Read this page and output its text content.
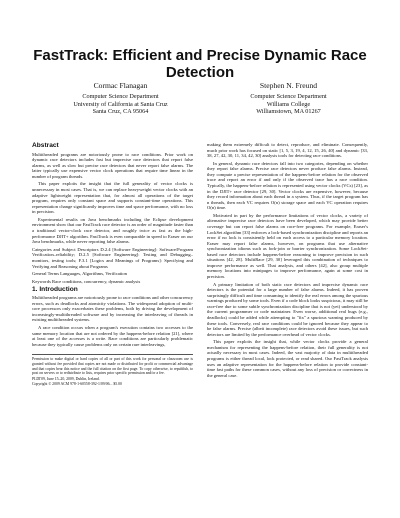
FastTrack: Efficient and Precise Dynamic Race Detection
Cormac Flanagan
Computer Science Department
University of California at Santa Cruz
Santa Cruz, CA 95064
Stephen N. Freund
Computer Science Department
Williams College
Williamstown, MA 01267
Abstract

Multithreaded programs are notoriously prone to race conditions. Prior work on dynamic race detectors includes fast but imprecise race detectors that report false alarms, as well as slow but precise race detectors that never report false alarms. The latter typically use expensive vector clock operations that require time linear in the number of program threads.

This paper exploits the insight that the full generality of vector clocks is unnecessary in most cases. That is, we can replace heavyweight vector clocks with an adaptive lightweight representation that, for almost all operations of the target program, requires only constant space and supports constant-time operations. This representation change significantly improves time and space performance, with no loss in precision.

Experimental results on Java benchmarks including the Eclipse development environment show that our FastTrack race detector is an order of magnitude faster than a traditional vector-clock race detector, and roughly twice as fast as the high-performance DJIT+ algorithm. FastTrack is even comparable in speed to Eraser on our Java benchmarks, while never reporting false alarms.

Categories and Subject Descriptors D.2.4 [Software Engineering]: Software/Program Verification–reliability; D.2.5 [Software Engineering]: Testing and Debugging–monitors, testing tools; F.3.1 [Logics and Meanings of Programs]: Specifying and Verifying and Reasoning about Programs

General Terms Languages, Algorithms, Verification

Keywords Race conditions, concurrency, dynamic analysis

1. Introduction

Multithreaded programs are notoriously prone to race conditions and other concurrency errors, such as deadlocks and atomicity violations. The widespread adoption of multi-core processors only exacerbates these problems, both by driving the development of increasingly-multithreaded software and by increasing the interleaving of threads in existing multithreaded systems.

A race condition occurs when a program's execution contains two accesses to the same memory location that are not ordered by the happens-before relation [21], where at least one of the accesses is a write. Race conditions are particularly problematic because they typically cause problems only on certain rare interleavings,

Permission to make digital or hard copies of all or part of this work for personal or classroom use is granted without fee provided that copies are not made or distributed for profit or commercial advantage and that copies bear this notice and the full citation on the first page. To copy otherwise, to republish, to post on servers or to redistribute to lists, requires prior specific permission and/or a fee.

PLDI'09, June 15–20, 2009, Dublin, Ireland.

Copyright © 2009 ACM 978-1-60558-392-1/09/06... $5.00

making them extremely difficult to detect, reproduce, and eliminate. Consequently, much prior work has focused on static [1, 5, 3, 19, 4, 12, 15, 26, 40] and dynamic [33, 38, 27, 42, 30, 11, 34, 42, 30] analysis tools for detecting race conditions.

In general, dynamic race detectors fall into two categories, depending on whether they report false alarms. Precise race detectors never produce false alarms. Instead, they compute a precise representation of the happens-before relation for the observed trace and report an error if and only if the observed trace has a race condition. Typically, the happens-before relation is represented using vector clocks (VCs) [23], as in the DJIT+ race detector [29, 30]. Vector clocks are expensive, however, because they record information about each thread in a system. Thus, if the target program has n threads, then each VC requires O(n) storage space and each VC operation requires O(n) time.

Motivated in part by the performance limitations of vector clocks, a variety of alternative imprecise race detectors have been developed, which may provide better coverage but can report false alarms on race-free programs. For example, Eraser's LockSet algorithm [33] enforces a lock-based synchronization discipline and reports an error if no lock is consistently held on each access to a particular memory location. Eraser may report false alarms, however, on programs that use alternative synchronization idioms such as fork-join or barrier synchronization. Some LockSet-based race detectors include happens-before reasoning to improve precision in such situations [42, 28]. MultiRace [29, 30] leveraged this combination of techniques to improve performance as well. That analysis, and others [42], also group multiple memory locations into minipages to improve performance, again at some cost in precision.

A primary limitation of both static race detectors and imprecise dynamic race detectors is the potential for a large number of false alarms. Indeed, it has proven surprisingly difficult and time consuming to identify the real errors among the spurious warnings produced by some tools. Even if a code block looks suspicious, it may still be race-free due to some subtle synchronization discipline that is not (yet) understood by the current programmer or code maintainer. Even worse, additional real bugs (e.g., deadlocks) could be added while attempting to "fix" a spurious warning produced by these tools. Conversely, real race conditions could be ignored because they appear to be false alarms. Precise (albeit incomplete) race detectors avoid these issues, but such detectors are limited by the performance overhead of vector clocks.

This paper exploits the insight that, while vector clocks provide a general mechanism for representing the happens-before relation, their full generality is not actually necessary in most cases. Indeed, the vast majority of data in multithreaded programs is either thread local, lock protected, or read shared. Our FastTrack analysis uses an adaptive representation for the happens-before relation to provide constant-time fast paths for these common cases, without any loss of precision or correctness in the general case.
